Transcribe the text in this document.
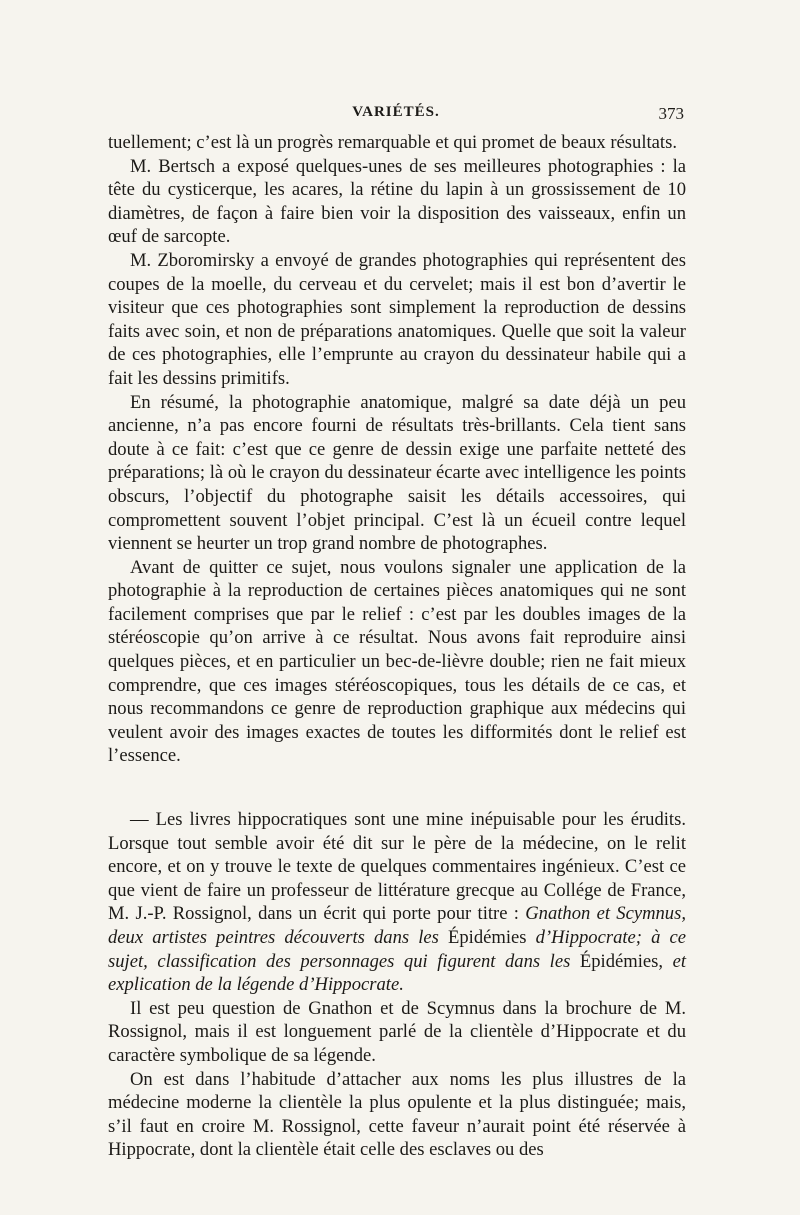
VARIÉTÉS.	373

tuellement; c’est là un progrès remarquable et qui promet de beaux résultats.

M. Bertsch a exposé quelques-unes de ses meilleures photographies : la tête du cysticerque, les acares, la rétine du lapin à un grossissement de 10 diamètres, de façon à faire bien voir la disposition des vaisseaux, enfin un œuf de sarcopte.

M. Zboromirsky a envoyé de grandes photographies qui représentent des coupes de la moelle, du cerveau et du cervelet; mais il est bon d’avertir le visiteur que ces photographies sont simplement la reproduction de dessins faits avec soin, et non de préparations anatomiques. Quelle que soit la valeur de ces photographies, elle l’emprunte au crayon du dessinateur habile qui a fait les dessins primitifs.

En résumé, la photographie anatomique, malgré sa date déjà un peu ancienne, n’a pas encore fourni de résultats très-brillants. Cela tient sans doute à ce fait: c’est que ce genre de dessin exige une parfaite netteté des préparations; là où le crayon du dessinateur écarte avec intelligence les points obscurs, l’objectif du photographe saisit les détails accessoires, qui compromettent souvent l’objet principal. C’est là un écueil contre lequel viennent se heurter un trop grand nombre de photographes.

Avant de quitter ce sujet, nous voulons signaler une application de la photographie à la reproduction de certaines pièces anatomiques qui ne sont facilement comprises que par le relief : c’est par les doubles images de la stéréoscopie qu’on arrive à ce résultat. Nous avons fait reproduire ainsi quelques pièces, et en particulier un bec-de-lièvre double; rien ne fait mieux comprendre, que ces images stéréoscopiques, tous les détails de ce cas, et nous recommandons ce genre de reproduction graphique aux médecins qui veulent avoir des images exactes de toutes les difformités dont le relief est l’essence.

— Les livres hippocratiques sont une mine inépuisable pour les érudits. Lorsque tout semble avoir été dit sur le père de la médecine, on le relit encore, et on y trouve le texte de quelques commentaires ingénieux. C’est ce que vient de faire un professeur de littérature grecque au Collége de France, M. J.-P. Rossignol, dans un écrit qui porte pour titre : Gnathon et Scymnus, deux artistes peintres découverts dans les Épidémies d’Hippocrate; à ce sujet, classification des personnages qui figurent dans les Épidémies, et explication de la légende d’Hippocrate.

Il est peu question de Gnathon et de Scymnus dans la brochure de M. Rossignol, mais il est longuement parlé de la clientèle d’Hippocrate et du caractère symbolique de sa légende.

On est dans l’habitude d’attacher aux noms les plus illustres de la médecine moderne la clientèle la plus opulente et la plus distinguée; mais, s’il faut en croire M. Rossignol, cette faveur n’aurait point été réservée à Hippocrate, dont la clientèle était celle des esclaves ou des
